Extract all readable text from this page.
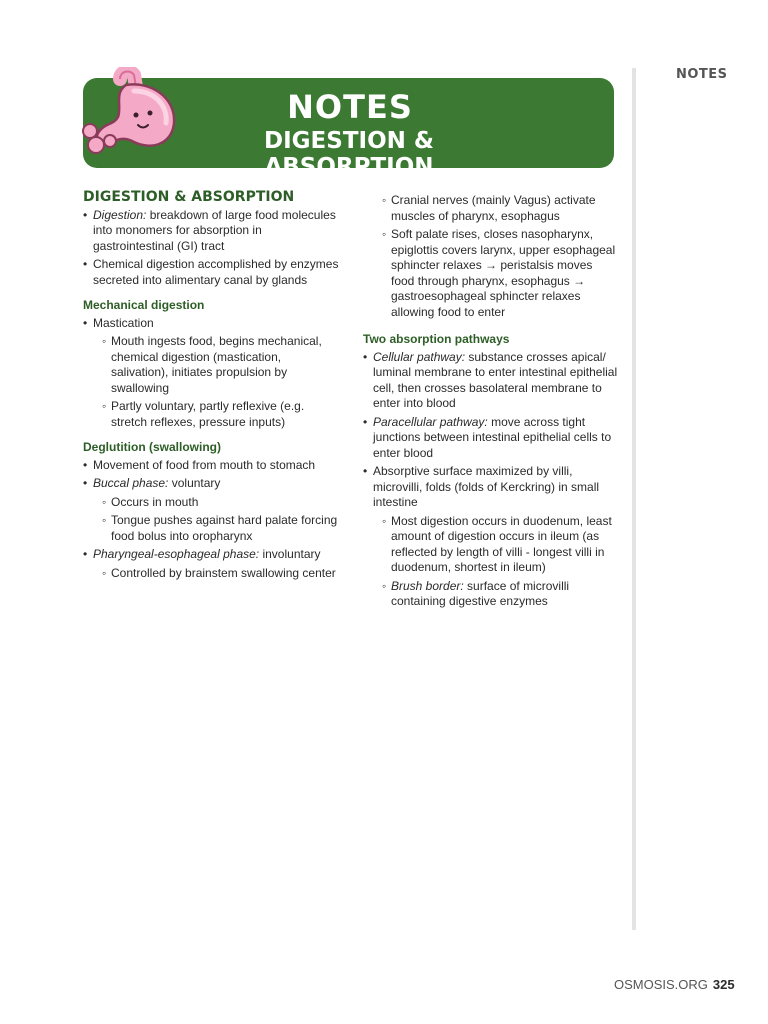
NOTES
NOTES
DIGESTION & ABSORPTION
DIGESTION & ABSORPTION
• Digestion: breakdown of large food molecules into monomers for absorption in gastrointestinal (GI) tract
• Chemical digestion accomplished by enzymes secreted into alimentary canal by glands
Mechanical digestion
• Mastication
◦ Mouth ingests food, begins mechanical, chemical digestion (mastication, salivation), initiates propulsion by swallowing
◦ Partly voluntary, partly reflexive (e.g. stretch reflexes, pressure inputs)
Deglutition (swallowing)
• Movement of food from mouth to stomach
• Buccal phase: voluntary
◦ Occurs in mouth
◦ Tongue pushes against hard palate forcing food bolus into oropharynx
• Pharyngeal-esophageal phase: involuntary
◦ Controlled by brainstem swallowing center
◦ Cranial nerves (mainly Vagus) activate muscles of pharynx, esophagus
◦ Soft palate rises, closes nasopharynx, epiglottis covers larynx, upper esophageal sphincter relaxes → peristalsis moves food through pharynx, esophagus → gastroesophageal sphincter relaxes allowing food to enter
Two absorption pathways
• Cellular pathway: substance crosses apical/ luminal membrane to enter intestinal epithelial cell, then crosses basolateral membrane to enter into blood
• Paracellular pathway: move across tight junctions between intestinal epithelial cells to enter blood
• Absorptive surface maximized by villi, microvilli, folds (folds of Kerckring) in small intestine
◦ Most digestion occurs in duodenum, least amount of digestion occurs in ileum (as reflected by length of villi - longest villi in duodenum, shortest in ileum)
◦ Brush border: surface of microvilli containing digestive enzymes
OSMOSIS.ORG 325
